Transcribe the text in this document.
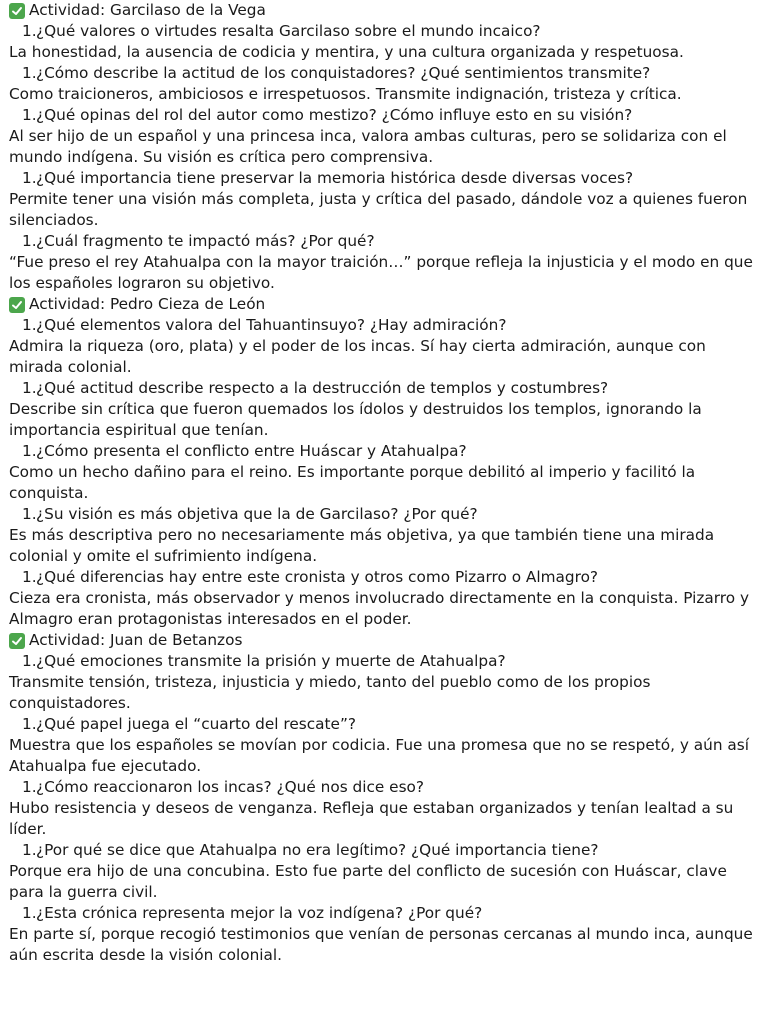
Actividad: Garcilaso de la Vega
1.¿Qué valores o virtudes resalta Garcilaso sobre el mundo incaico?
La honestidad, la ausencia de codicia y mentira, y una cultura organizada y respetuosa.
1.¿Cómo describe la actitud de los conquistadores? ¿Qué sentimientos transmite?
Como traicioneros, ambiciosos e irrespetuosos. Transmite indignación, tristeza y crítica.
1.¿Qué opinas del rol del autor como mestizo? ¿Cómo influye esto en su visión?
Al ser hijo de un español y una princesa inca, valora ambas culturas, pero se solidariza con el mundo indígena. Su visión es crítica pero comprensiva.
1.¿Qué importancia tiene preservar la memoria histórica desde diversas voces?
Permite tener una visión más completa, justa y crítica del pasado, dándole voz a quienes fueron silenciados.
1.¿Cuál fragmento te impactó más? ¿Por qué?
“Fue preso el rey Atahualpa con la mayor traición…” porque refleja la injusticia y el modo en que los españoles lograron su objetivo.
Actividad: Pedro Cieza de León
1.¿Qué elementos valora del Tahuantinsuyo? ¿Hay admiración?
Admira la riqueza (oro, plata) y el poder de los incas. Sí hay cierta admiración, aunque con mirada colonial.
1.¿Qué actitud describe respecto a la destrucción de templos y costumbres?
Describe sin crítica que fueron quemados los ídolos y destruidos los templos, ignorando la importancia espiritual que tenían.
1.¿Cómo presenta el conflicto entre Huáscar y Atahualpa?
Como un hecho dañino para el reino. Es importante porque debilitó al imperio y facilitó la conquista.
1.¿Su visión es más objetiva que la de Garcilaso? ¿Por qué?
Es más descriptiva pero no necesariamente más objetiva, ya que también tiene una mirada colonial y omite el sufrimiento indígena.
1.¿Qué diferencias hay entre este cronista y otros como Pizarro o Almagro?
Cieza era cronista, más observador y menos involucrado directamente en la conquista. Pizarro y Almagro eran protagonistas interesados en el poder.
Actividad: Juan de Betanzos
1.¿Qué emociones transmite la prisión y muerte de Atahualpa?
Transmite tensión, tristeza, injusticia y miedo, tanto del pueblo como de los propios conquistadores.
1.¿Qué papel juega el “cuarto del rescate”?
Muestra que los españoles se movían por codicia. Fue una promesa que no se respetó, y aún así Atahualpa fue ejecutado.
1.¿Cómo reaccionaron los incas? ¿Qué nos dice eso?
Hubo resistencia y deseos de venganza. Refleja que estaban organizados y tenían lealtad a su líder.
1.¿Por qué se dice que Atahualpa no era legítimo? ¿Qué importancia tiene?
Porque era hijo de una concubina. Esto fue parte del conflicto de sucesión con Huáscar, clave para la guerra civil.
1.¿Esta crónica representa mejor la voz indígena? ¿Por qué?
En parte sí, porque recogió testimonios que venían de personas cercanas al mundo inca, aunque aún escrita desde la visión colonial.
